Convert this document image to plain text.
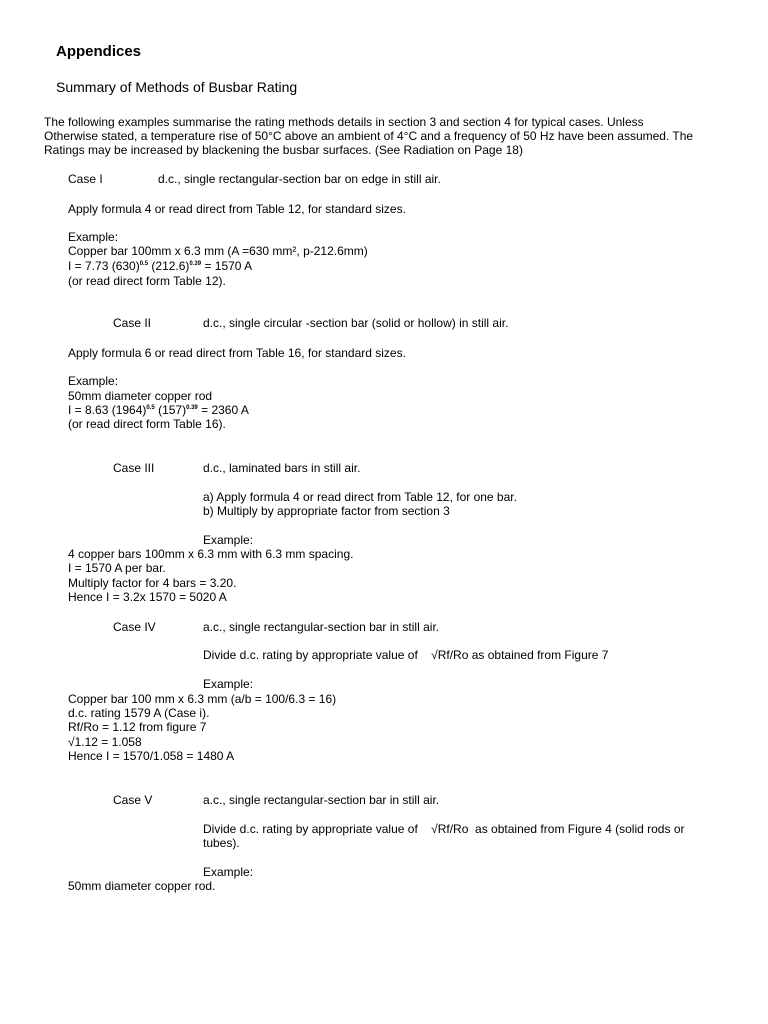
Appendices
Summary of Methods of Busbar Rating
The following examples summarise the rating methods details in section 3 and section 4 for typical cases. Unless
Otherwise stated, a temperature rise of 50°C above an ambient of 4°C and a frequency of 50 Hz have been assumed. The
Ratings may be increased by blackening the busbar surfaces. (See Radiation on Page 18)
Case I	d.c., single rectangular-section bar on edge in still air.
Apply formula 4 or read direct from Table 12, for standard sizes.
Example:
Copper bar 100mm x 6.3 mm (A =630 mm², p-212.6mm)
I = 7.73 $(630)^{0.5}$ $(212.6)^{0.39} = 1570$ A
(or read direct form Table 12).
Case II	d.c., single circular -section bar (solid or hollow) in still air.
Apply formula 6 or read direct from Table 16, for standard sizes.
Example:
50mm diameter copper rod
I = 8.63 $(1964)^{0.5}$ $(157)^{0.39} = 2360$ A
(or read direct form Table 16).
Case III	d.c., laminated bars in still air.
a) Apply formula 4 or read direct from Table 12, for one bar.
b) Multiply by appropriate factor from section 3
Example:
4 copper bars 100mm x 6.3 mm with 6.3 mm spacing.
I = 1570 A per bar.
Multiply factor for 4 bars = 3.20.
Hence I = 3.2x 1570 = 5020 A
Case IV	a.c., single rectangular-section bar in still air.
Divide d.c. rating by appropriate value of    √Rf/Ro as obtained from Figure 7
Example:
Copper bar 100 mm x 6.3 mm (a/b = 100/6.3 = 16)
d.c. rating 1579 A (Case i).
Rf/Ro = 1.12 from figure 7
√1.12 = 1.058
Hence I = 1570/1.058 = 1480 A
Case V	a.c., single rectangular-section bar in still air.
Divide d.c. rating by appropriate value of    √Rf/Ro  as obtained from Figure 4 (solid rods or
tubes).
Example:
50mm diameter copper rod.
